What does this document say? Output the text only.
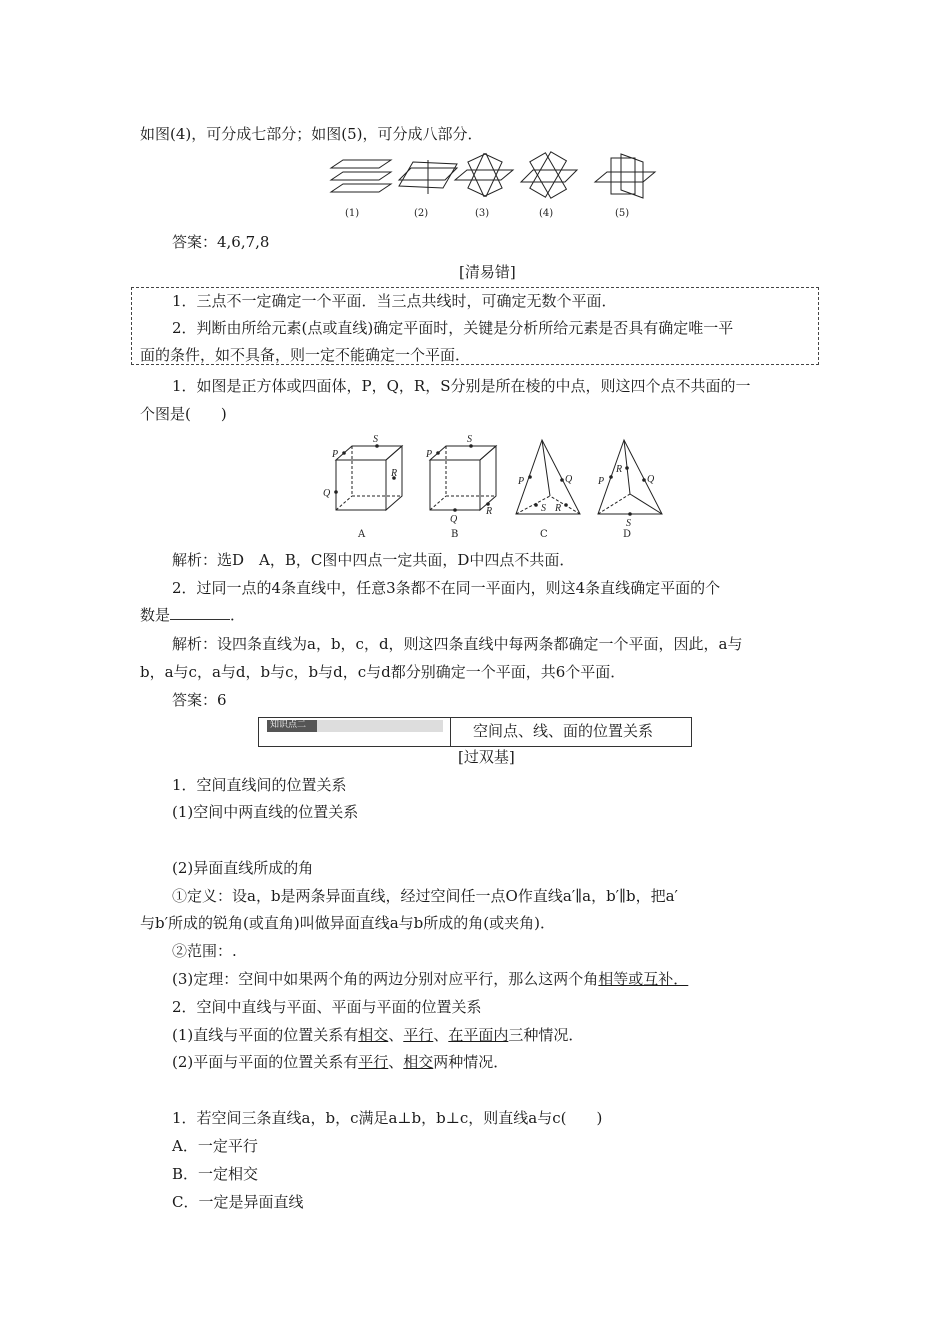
如图(4)，可分成七部分；如图(5)，可分成八部分．
(1)	(2)	(3)	(4)	(5)
答案：4,6,7,8
[清易错]
1．三点不一定确定一个平面．当三点共线时，可确定无数个平面．
2．判断由所给元素(点或直线)确定平面时，关键是分析所给元素是否具有确定唯一平
面的条件，如不具备，则一定不能确定一个平面．
1．如图是正方体或四面体，P，Q，R，S分别是所在棱的中点，则这四个点不共面的一
个图是(　　)
P
S
R
Q
P
S
R
Q
P	Q
S R
P	Q
R
S
A	B	C	D
解析：选D　A，B，C图中四点一定共面，D中四点不共面．
2．过同一点的4条直线中，任意3条都不在同一平面内，则这4条直线确定平面的个
数是	．
解析：设四条直线为a，b，c，d，则这四条直线中每两条都确定一个平面，因此，a与
b，a与c，a与d，b与c，b与d，c与d都分别确定一个平面，共6个平面．
答案：6
知识点二	空间点、线、面的位置关系
[过双基]
1．空间直线间的位置关系
(1)空间中两直线的位置关系
(2)异面直线所成的角
①定义：设a，b是两条异面直线，经过空间任一点O作直线a′∥a，b′∥b，把a′
与b′所成的锐角(或直角)叫做异面直线a与b所成的角(或夹角)．
②范围：.
(3)定理：空间中如果两个角的两边分别对应平行，那么这两个角相等或互补．
2．空间中直线与平面、平面与平面的位置关系
(1)直线与平面的位置关系有相交、平行、在平面内三种情况．
(2)平面与平面的位置关系有平行、相交两种情况．
1．若空间三条直线a，b，c满足a⊥b，b⊥c，则直线a与c(　　)
A．一定平行
B．一定相交
C．一定是异面直线
